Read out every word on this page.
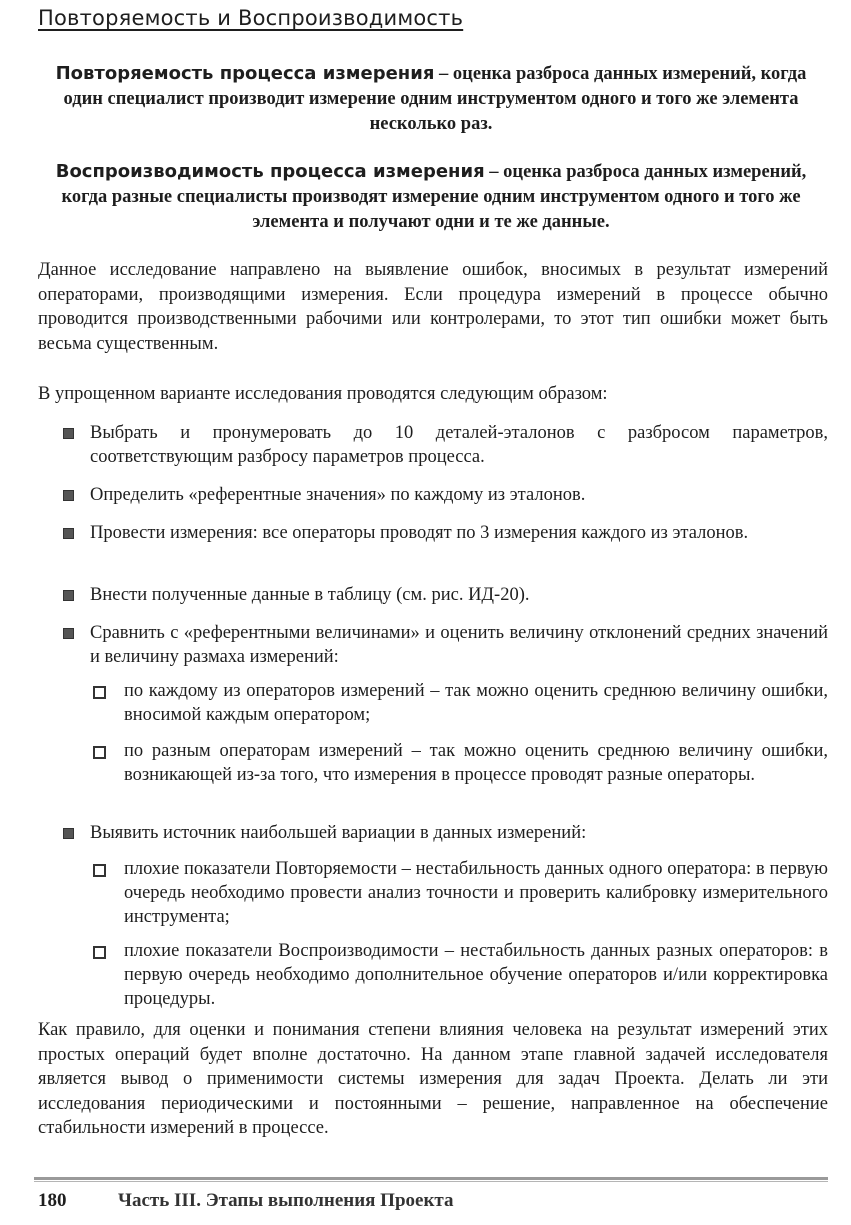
Повторяемость и Воспроизводимость
Повторяемость процесса измерения – оценка разброса данных измерений, когда один специалист производит измерение одним инструментом одного и того же элемента несколько раз.
Воспроизводимость процесса измерения – оценка разброса данных измерений, когда разные специалисты производят измерение одним инструментом одного и того же элемента и получают одни и те же данные.

Данное исследование направлено на выявление ошибок, вносимых в результат измерений операторами, производящими измерения. Если процедура измерений в процессе обычно проводится производственными рабочими или контролерами, то этот тип ошибки может быть весьма существенным.

В упрощенном варианте исследования проводятся следующим образом:

Выбрать и пронумеровать до 10 деталей-эталонов с разбросом параметров, соответствующим разбросу параметров процесса.
Определить «референтные значения» по каждому из эталонов.
Провести измерения: все операторы проводят по 3 измерения каждого из эталонов.
Внести полученные данные в таблицу (см. рис. ИД-20).
Сравнить с «референтными величинами» и оценить величину отклонений средних значений и величину размаха измерений:
по каждому из операторов измерений – так можно оценить среднюю величину ошибки, вносимой каждым оператором;
по разным операторам измерений – так можно оценить среднюю величину ошибки, возникающей из-за того, что измерения в процессе проводят разные операторы.
Выявить источник наибольшей вариации в данных измерений:
плохие показатели Повторяемости – нестабильность данных одного оператора: в первую очередь необходимо провести анализ точности и проверить калибровку измерительного инструмента;
плохие показатели Воспроизводимости – нестабильность данных разных операторов: в первую очередь необходимо дополнительное обучение операторов и/или корректировка процедуры.

Как правило, для оценки и понимания степени влияния человека на результат измерений этих простых операций будет вполне достаточно. На данном этапе главной задачей исследователя является вывод о применимости системы измерения для задач Проекта. Делать ли эти исследования периодическими и постоянными – решение, направленное на обеспечение стабильности измерений в процессе.

180	Часть III. Этапы выполнения Проекта
